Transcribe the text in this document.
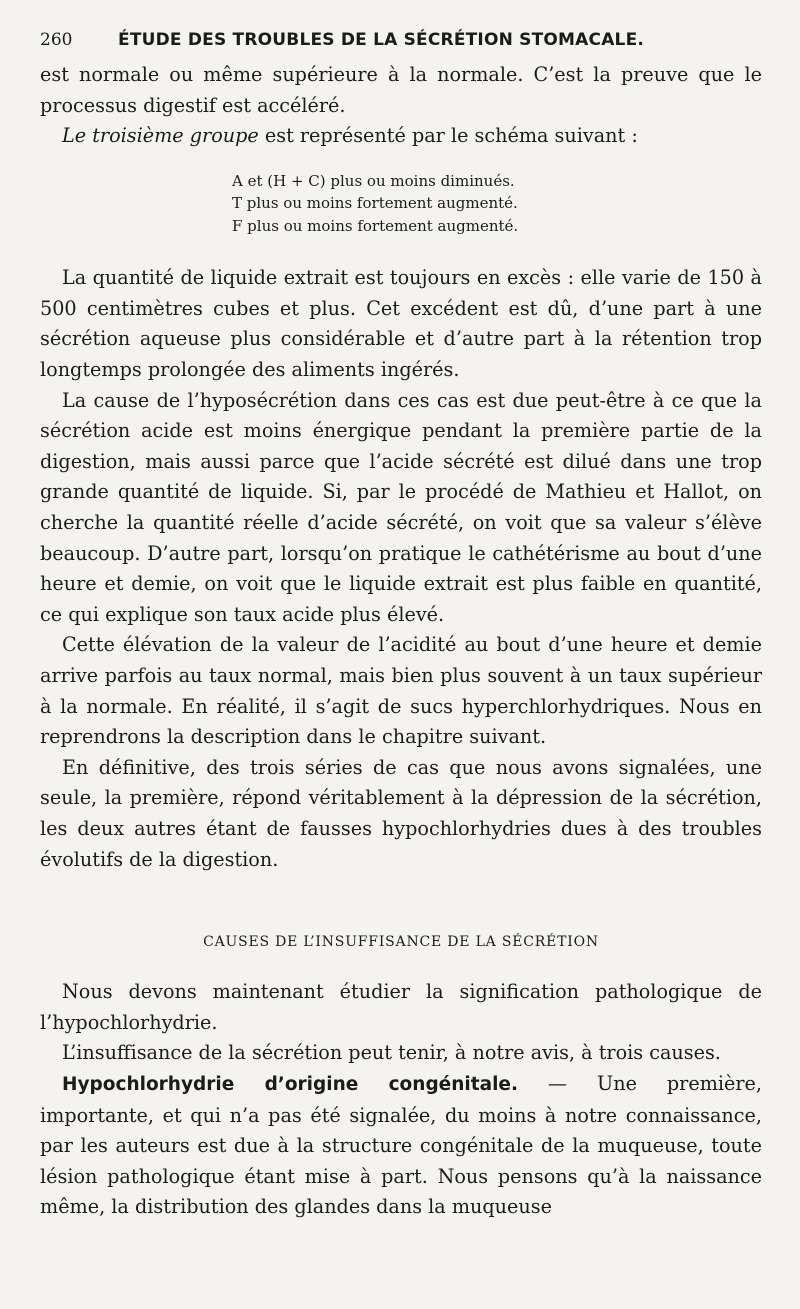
260	ÉTUDE DES TROUBLES DE LA SÉCRÉTION STOMACALE.

est normale ou même supérieure à la normale. C’est la preuve que le processus digestif est accéléré.

Le troisième groupe est représenté par le schéma suivant :

A et (H + C) plus ou moins diminués.
T plus ou moins fortement augmenté.
F plus ou moins fortement augmenté.

La quantité de liquide extrait est toujours en excès : elle varie de 150 à 500 centimètres cubes et plus. Cet excédent est dû, d’une part à une sécrétion aqueuse plus considérable et d’autre part à la rétention trop longtemps prolongée des aliments ingérés.

La cause de l’hyposécrétion dans ces cas est due peut-être à ce que la sécrétion acide est moins énergique pendant la première partie de la digestion, mais aussi parce que l’acide sécrété est dilué dans une trop grande quantité de liquide. Si, par le procédé de Mathieu et Hallot, on cherche la quantité réelle d’acide sécrété, on voit que sa valeur s’élève beaucoup. D’autre part, lorsqu’on pratique le cathétérisme au bout d’une heure et demie, on voit que le liquide extrait est plus faible en quantité, ce qui explique son taux acide plus élevé.

Cette élévation de la valeur de l’acidité au bout d’une heure et demie arrive parfois au taux normal, mais bien plus souvent à un taux supérieur à la normale. En réalité, il s’agit de sucs hyperchlorhydriques. Nous en reprendrons la description dans le chapitre suivant.

En définitive, des trois séries de cas que nous avons signalées, une seule, la première, répond véritablement à la dépression de la sécrétion, les deux autres étant de fausses hypochlorhydries dues à des troubles évolutifs de la digestion.

CAUSES DE L’INSUFFISANCE DE LA SÉCRÉTION

Nous devons maintenant étudier la signification pathologique de l’hypochlorhydrie.

L’insuffisance de la sécrétion peut tenir, à notre avis, à trois causes.

Hypochlorhydrie d’origine congénitale. — Une première, importante, et qui n’a pas été signalée, du moins à notre connaissance, par les auteurs est due à la structure congénitale de la muqueuse, toute lésion pathologique étant mise à part. Nous pensons qu’à la naissance même, la distribution des glandes dans la muqueuse
